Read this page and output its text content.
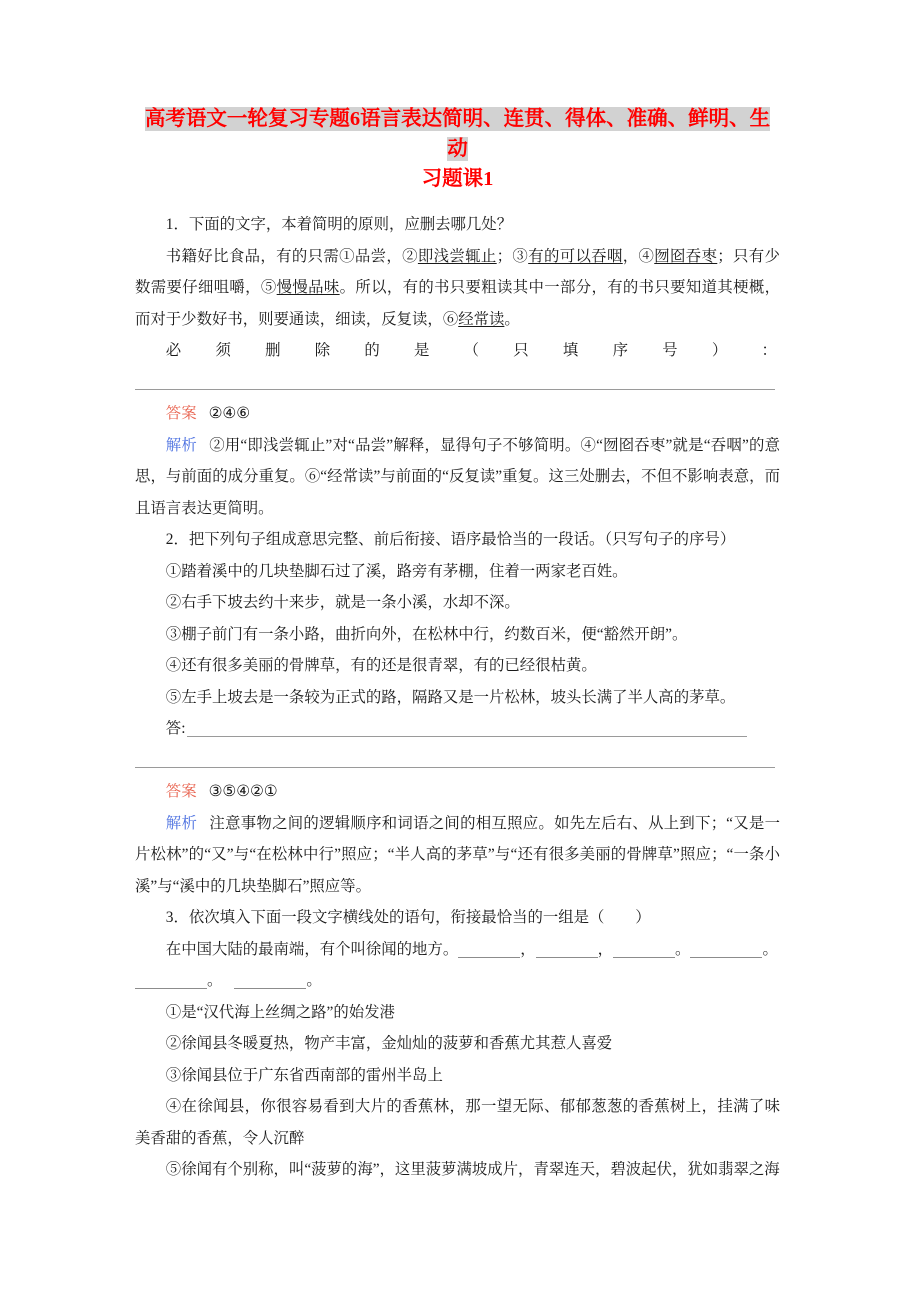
高考语文一轮复习专题6语言表达简明、连贯、得体、准确、鲜明、生动
习题课1

1．下面的文字，本着简明的原则，应删去哪几处？

书籍好比食品，有的只需①品尝，②即浅尝辄止；③有的可以吞咽，④囫囵吞枣；只有少数需要仔细咀嚼，⑤慢慢品味。所以，有的书只要粗读其中一部分，有的书只要知道其梗概，而对于少数好书，则要通读，细读，反复读，⑥经常读。

必 须 删 除 的 是 （ 只 填 序 号 ） ：

答案 ②④⑥

解析 ②用“即浅尝辄止”对“品尝”解释，显得句子不够简明。④“囫囵吞枣”就是“吞咽”的意思，与前面的成分重复。⑥“经常读”与前面的“反复读”重复。这三处删去，不但不影响表意，而且语言表达更简明。

2．把下列句子组成意思完整、前后衔接、语序最恰当的一段话。（只写句子的序号）

①踏着溪中的几块垫脚石过了溪，路旁有茅棚，住着一两家老百姓。

②右手下坡去约十来步，就是一条小溪，水却不深。

③棚子前门有一条小路，曲折向外，在松林中行，约数百米，便“豁然开朗”。

④还有很多美丽的骨牌草，有的还是很青翠，有的已经很枯黄。

⑤左手上坡去是一条较为正式的路，隔路又是一片松林，坡头长满了半人高的茅草。

答:

答案 ③⑤④②①

解析 注意事物之间的逻辑顺序和词语之间的相互照应。如先左后右、从上到下；“又是一片松林”的“又”与“在松林中行”照应；“半人高的茅草”与“还有很多美丽的骨牌草”照应；“一条小溪”与“溪中的几块垫脚石”照应等。

3．依次填入下面一段文字横线处的语句，衔接最恰当的一组是（　　）

在中国大陆的最南端，有个叫徐闻的地方。	，	，	。	。

。	。

①是“汉代海上丝绸之路”的始发港

②徐闻县冬暖夏热，物产丰富，金灿灿的菠萝和香蕉尤其惹人喜爱

③徐闻县位于广东省西南部的雷州半岛上

④在徐闻县，你很容易看到大片的香蕉林，那一望无际、郁郁葱葱的香蕉树上，挂满了味美香甜的香蕉，令人沉醉

⑤徐闻有个别称，叫“菠萝的海”，这里菠萝满坡成片，青翠连天，碧波起伏，犹如翡翠之海
